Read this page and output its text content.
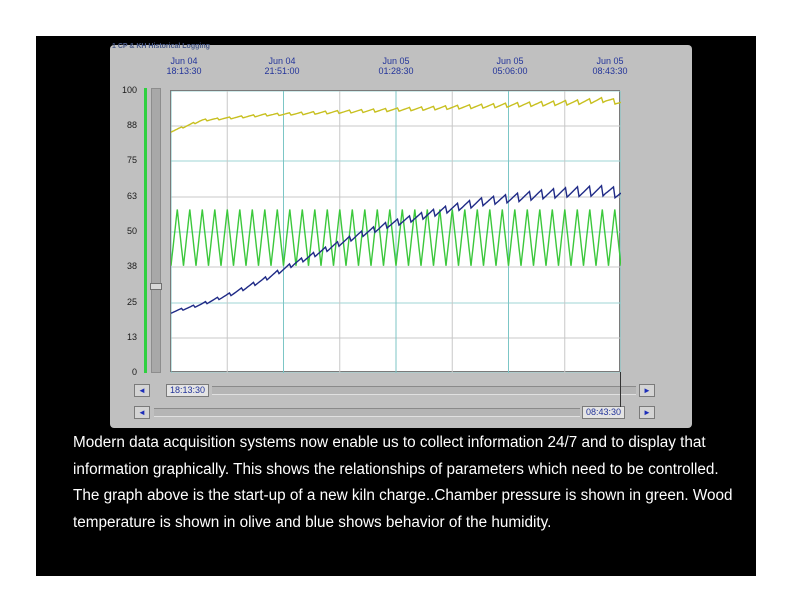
1 CP & KH Historical Logging
Jun 04
18:13:30
Jun 04
21:51:00
Jun 05
01:28:30
Jun 05
05:06:00
Jun 05
08:43:30
100
88
75
63
50
38
25
13
0
◄	18:13:30	►
◄	08:43:30	►
Modern data acquisition systems now enable us to collect information 24/7 and to display that information graphically. This shows the relationships of parameters which need to be controlled. The graph above is the start-up of a new kiln charge..Chamber pressure is shown in green. Wood temperature is shown in olive and blue shows behavior of the humidity.
